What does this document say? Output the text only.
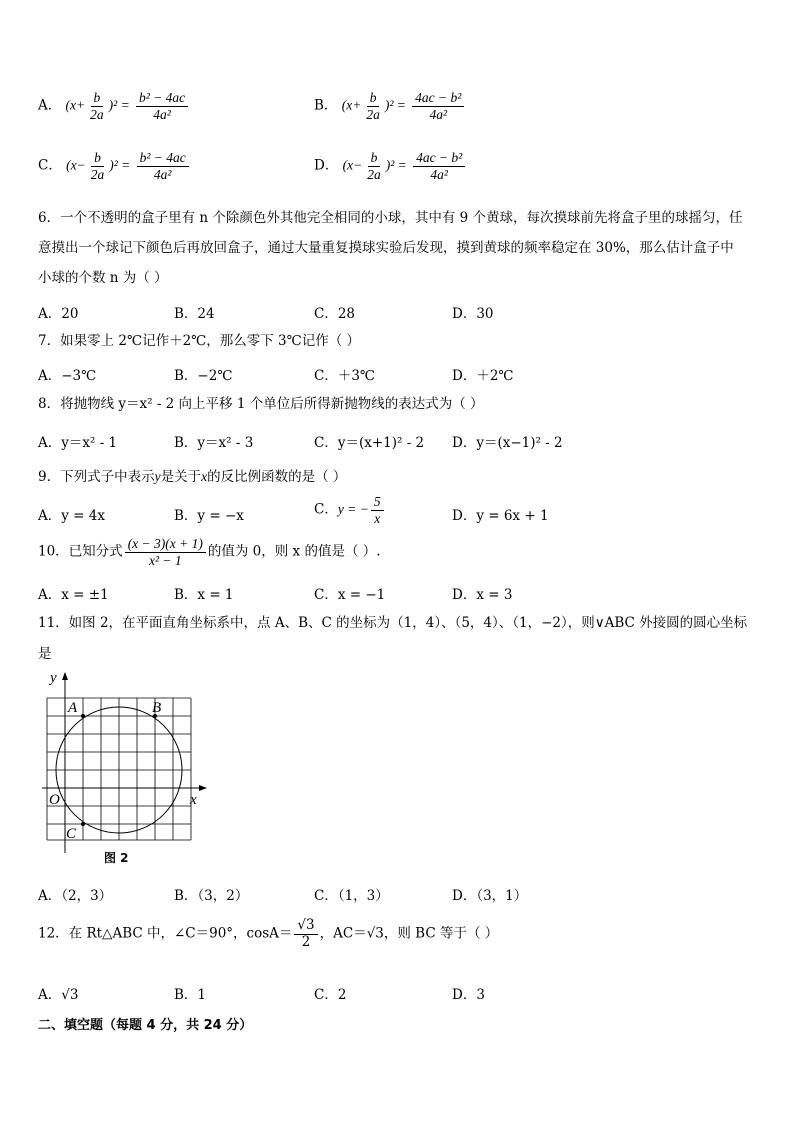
A． $(x+ \frac{b}{2a} )^2 = \frac{\text{b² − 4ac}}{\text{4a²}}$	B． $(x+ \frac{b}{2a} )^2 = \frac{\text{4ac − b²}}{\text{4a²}}$
C． $(x- \frac{b}{2a} )^2 = \frac{\text{b² − 4ac}}{\text{4a²}}$	D． $(x- \frac{b}{2a} )^2 = \frac{\text{4ac − b²}}{\text{4a²}}$
6．一个不透明的盒子里有 n 个除颜色外其他完全相同的小球，其中有 9 个黄球，每次摸球前先将盒子里的球摇匀，任
意摸出一个球记下颜色后再放回盒子，通过大量重复摸球实验后发现，摸到黄球的频率稳定在 30%，那么估计盒子中
小球的个数 n 为（ ）
A．20	B．24	C．28	D．30
7．如果零上 2℃记作＋2℃，那么零下 3℃记作（ ）
A．−3℃	B．−2℃	C．＋3℃	D．＋2℃
8．将抛物线 y＝x² - 2 向上平移 1 个单位后所得新抛物线的表达式为（ ）
A．y＝x² - 1	B．y＝x² - 3	C．y＝(x+1)² - 2 D．y＝(x−1)² - 2
9．下列式子中表示y是关于x的反比例函数的是（ ）
A．y = 4x	B．y = −x	C．y = − $\frac{5}{x}$	D．y = 6x + 1
10．已知分式 $\frac{(x - 3)(x + 1)}{\text{x² − 1}}$ 的值为 0，则 x 的值是（ ）.
A．x = ±1	B．x = 1	C．x = −1	D．x = 3
11．如图 2，在平面直角坐标系中，点 A、B、C 的坐标为（1，4）、（5，4）、（1，−2），则∨ABC 外接圆的圆心坐标
是
y
x
O
A	B
C
图 2
A．（2，3）	B．（3，2）	C．（1，3）	D．（3，1）
12．在 Rt△ABC 中，∠C＝90°，$\cos A= \frac{√3}{2}$ ，AC＝√3，则 BC 等于（ ）
A．√3	B．1	C．2	D．3
二、填空题（每题 4 分，共 24 分）
